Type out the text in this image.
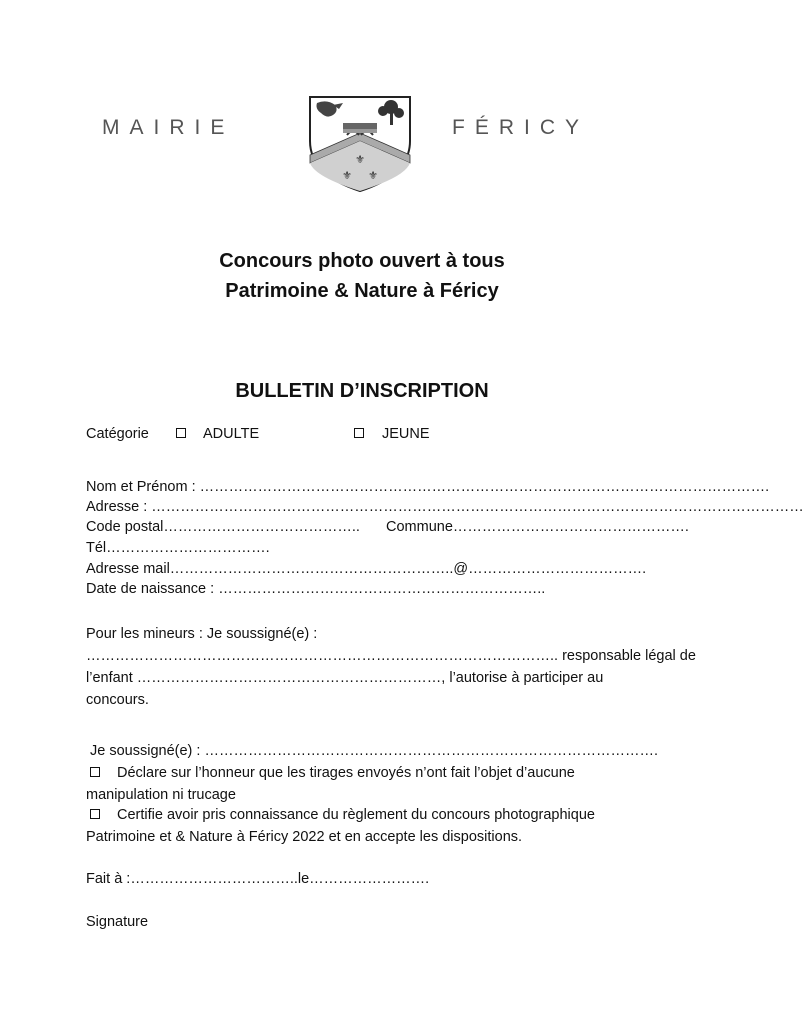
MAIRIE	FÉRICY
⚜
⚜ ⚜
Concours photo ouvert à tous
Patrimoine & Nature à Féricy
BULLETIN D’INSCRIPTION
Catégorie	ADULTE	JEUNE
Nom et Prénom : ……………………………………………………………………………………………………….
Adresse : ………………………………………………………………………………………………………………………
Code postal………………………………….. Commune………………………………………….
Tél…………………………….
Adresse mail…………………………………………………..@……………………………….
Date de naissance : …………………………………………………………..
Pour les mineurs : Je soussigné(e) :
…………………………………………………………………………………….. responsable légal de
l’enfant ………………………………………………………, l’autorise à participer au
concours.
Je soussigné(e) : ………………………………………………………………………………….
Déclare sur l’honneur que les tirages envoyés n’ont fait l’objet d’aucune
manipulation ni trucage
Certifie avoir pris connaissance du règlement du concours photographique
Patrimoine et & Nature à Féricy 2022 et en accepte les dispositions.
Fait à :……………………………..le…………………….
Signature
